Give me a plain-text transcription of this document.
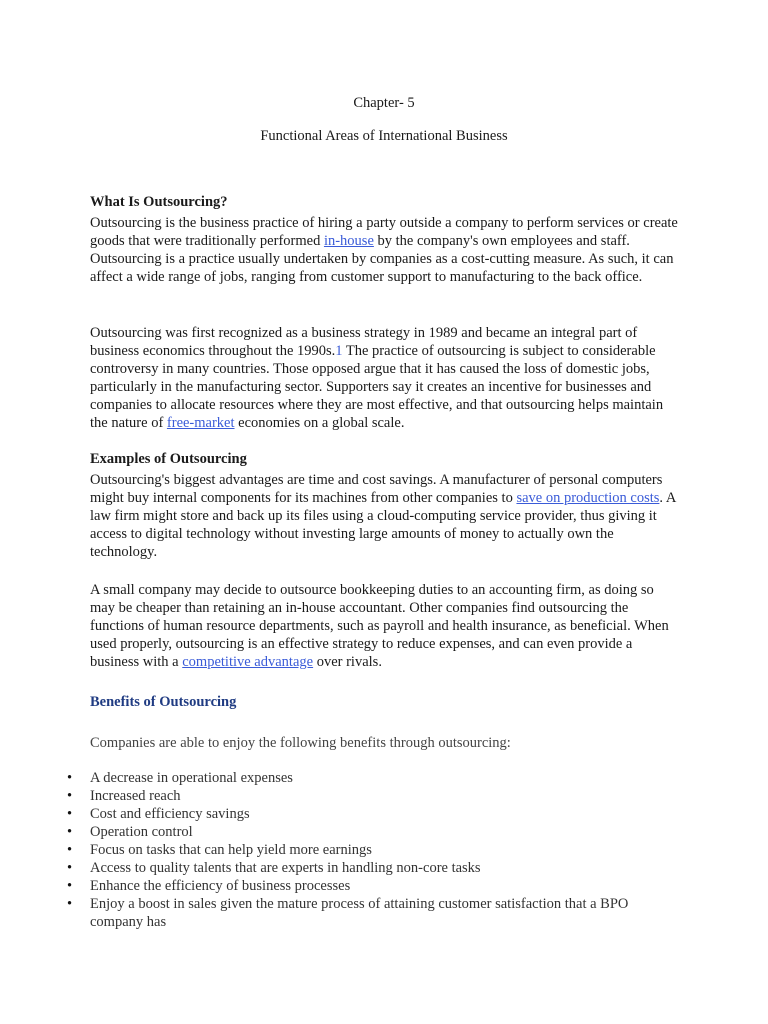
Chapter- 5
Functional Areas of International Business
What Is Outsourcing?

Outsourcing is the business practice of hiring a party outside a company to perform services or create goods that were traditionally performed in-house by the company's own employees and staff. Outsourcing is a practice usually undertaken by companies as a cost-cutting measure. As such, it can affect a wide range of jobs, ranging from customer support to manufacturing to the back office.

Outsourcing was first recognized as a business strategy in 1989 and became an integral part of business economics throughout the 1990s.1 The practice of outsourcing is subject to considerable controversy in many countries. Those opposed argue that it has caused the loss of domestic jobs, particularly in the manufacturing sector. Supporters say it creates an incentive for businesses and companies to allocate resources where they are most effective, and that outsourcing helps maintain the nature of free-market economies on a global scale.

Examples of Outsourcing

Outsourcing's biggest advantages are time and cost savings. A manufacturer of personal computers might buy internal components for its machines from other companies to save on production costs. A law firm might store and back up its files using a cloud-computing service provider, thus giving it access to digital technology without investing large amounts of money to actually own the technology.

A small company may decide to outsource bookkeeping duties to an accounting firm, as doing so may be cheaper than retaining an in-house accountant. Other companies find outsourcing the functions of human resource departments, such as payroll and health insurance, as beneficial. When used properly, outsourcing is an effective strategy to reduce expenses, and can even provide a business with a competitive advantage over rivals.

Benefits of Outsourcing

Companies are able to enjoy the following benefits through outsourcing:

• A decrease in operational expenses
• Increased reach
• Cost and efficiency savings
• Operation control
• Focus on tasks that can help yield more earnings
• Access to quality talents that are experts in handling non-core tasks
• Enhance the efficiency of business processes
• Enjoy a boost in sales given the mature process of attaining customer satisfaction that a BPO company has
